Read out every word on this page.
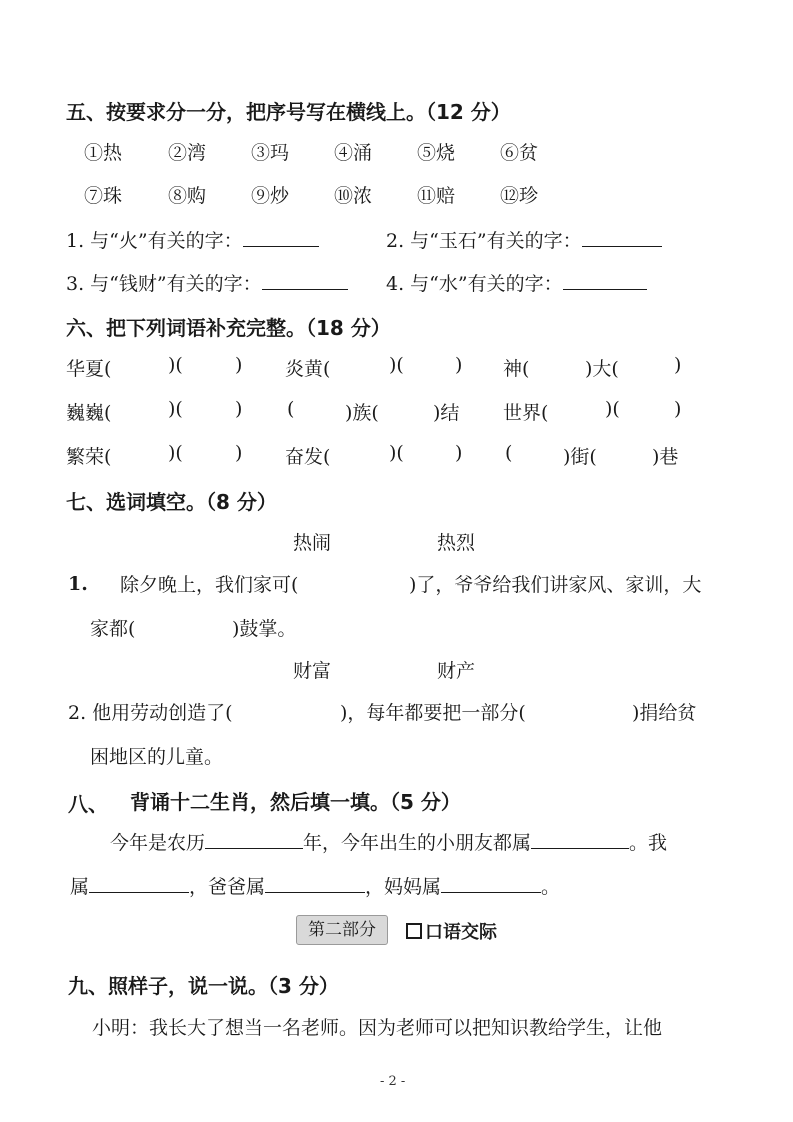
五、按要求分一分，把序号写在横线上。（12 分）
①热 ②湾 ③玛 ④涌 ⑤烧 ⑥贫
⑦珠 ⑧购 ⑨炒 ⑩浓 ⑪赔 ⑫珍
1. 与“火”有关的字：	2. 与“玉石”有关的字：
3. 与“钱财”有关的字：	4. 与“水”有关的字：
六、把下列词语补充完整。（18 分）
华夏(	)(	) 炎黄(	)(	) 神(	)大(	)
巍巍(	)(	) (	)族(	)结 世界(	)(	)
繁荣(	)(	) 奋发(	)(	) (	)街(	)巷
七、选词填空。（8 分）
热闹	热烈
1. 除夕晚上，我们家可(	)了，爷爷给我们讲家风、家训，大
家都(	)鼓掌。
财富	财产
2. 他用劳动创造了(	)，每年都要把一部分(	)捐给贫
困地区的儿童。
八、 背诵十二生肖，然后填一填。（5 分）
今年是农历	年，今年出生的小朋友都属	。我
属	，爸爸属	，妈妈属	。
第二部分	口语交际
九、照样子，说一说。（3 分）
小明：我长大了想当一名老师。因为老师可以把知识教给学生，让他
- 2 -
